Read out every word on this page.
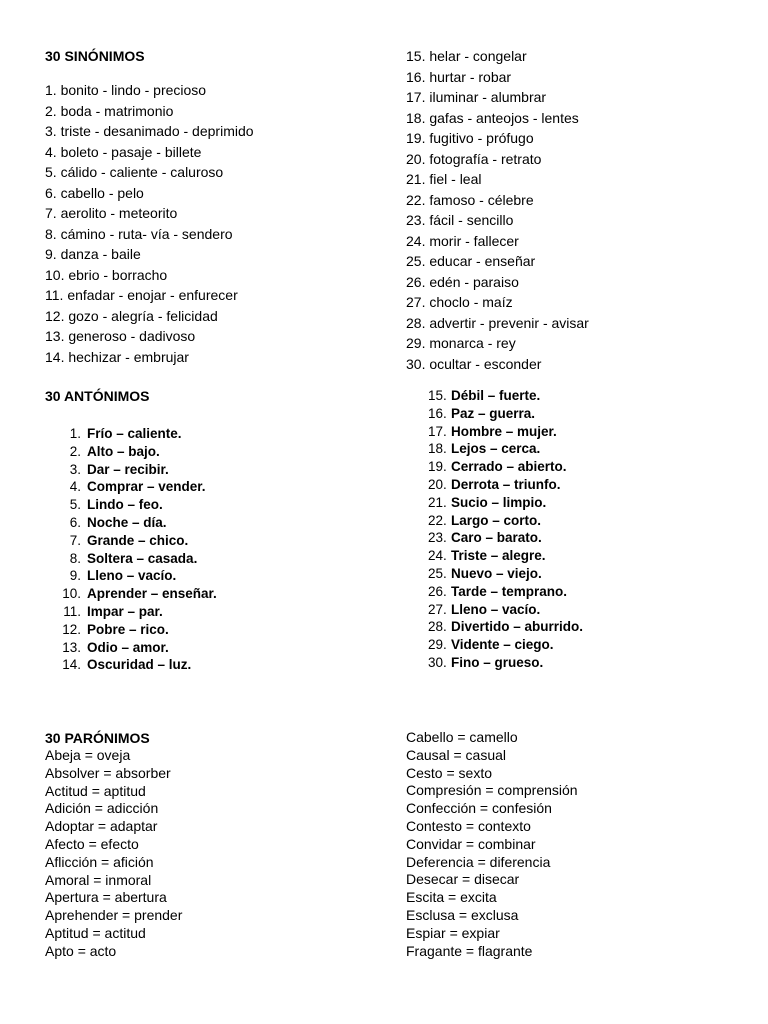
30 SINÓNIMOS
1. bonito - lindo - precioso
2. boda - matrimonio
3. triste - desanimado - deprimido
4. boleto - pasaje - billete
5. cálido - caliente - caluroso
6. cabello - pelo
7. aerolito - meteorito
8. cámino - ruta- vía - sendero
9. danza - baile
10. ebrio - borracho
11. enfadar - enojar - enfurecer
12. gozo - alegría - felicidad
13. generoso - dadivoso
14. hechizar - embrujar
15. helar - congelar
16. hurtar - robar
17. iluminar - alumbrar
18. gafas - anteojos - lentes
19. fugitivo - prófugo
20. fotografía - retrato
21. fiel - leal
22. famoso - célebre
23. fácil - sencillo
24. morir - fallecer
25. educar - enseñar
26. edén - paraiso
27. choclo - maíz
28. advertir - prevenir - avisar
29. monarca - rey
30. ocultar - esconder
30 ANTÓNIMOS
1. Frío – caliente.
2. Alto – bajo.
3. Dar – recibir.
4. Comprar – vender.
5. Lindo – feo.
6. Noche – día.
7. Grande – chico.
8. Soltera – casada.
9. Lleno – vacío.
10. Aprender – enseñar.
11. Impar – par.
12. Pobre – rico.
13. Odio – amor.
14. Oscuridad – luz.
15. Débil – fuerte.
16. Paz – guerra.
17. Hombre – mujer.
18. Lejos – cerca.
19. Cerrado – abierto.
20. Derrota – triunfo.
21. Sucio – limpio.
22. Largo – corto.
23. Caro – barato.
24. Triste – alegre.
25. Nuevo – viejo.
26. Tarde – temprano.
27. Lleno – vacío.
28. Divertido – aburrido.
29. Vidente – ciego.
30. Fino – grueso.
30 PARÓNIMOS
Abeja = oveja
Absolver = absorber
Actitud = aptitud
Adición = adicción
Adoptar = adaptar
Afecto = efecto
Aflicción = afición
Amoral = inmoral
Apertura = abertura
Aprehender = prender
Aptitud = actitud
Apto = acto
Cabello = camello
Causal = casual
Cesto = sexto
Compresión = comprensión
Confección = confesión
Contesto = contexto
Convidar = combinar
Deferencia = diferencia
Desecar = disecar
Escita = excita
Esclusa = exclusa
Espiar = expiar
Fragante = flagrante
